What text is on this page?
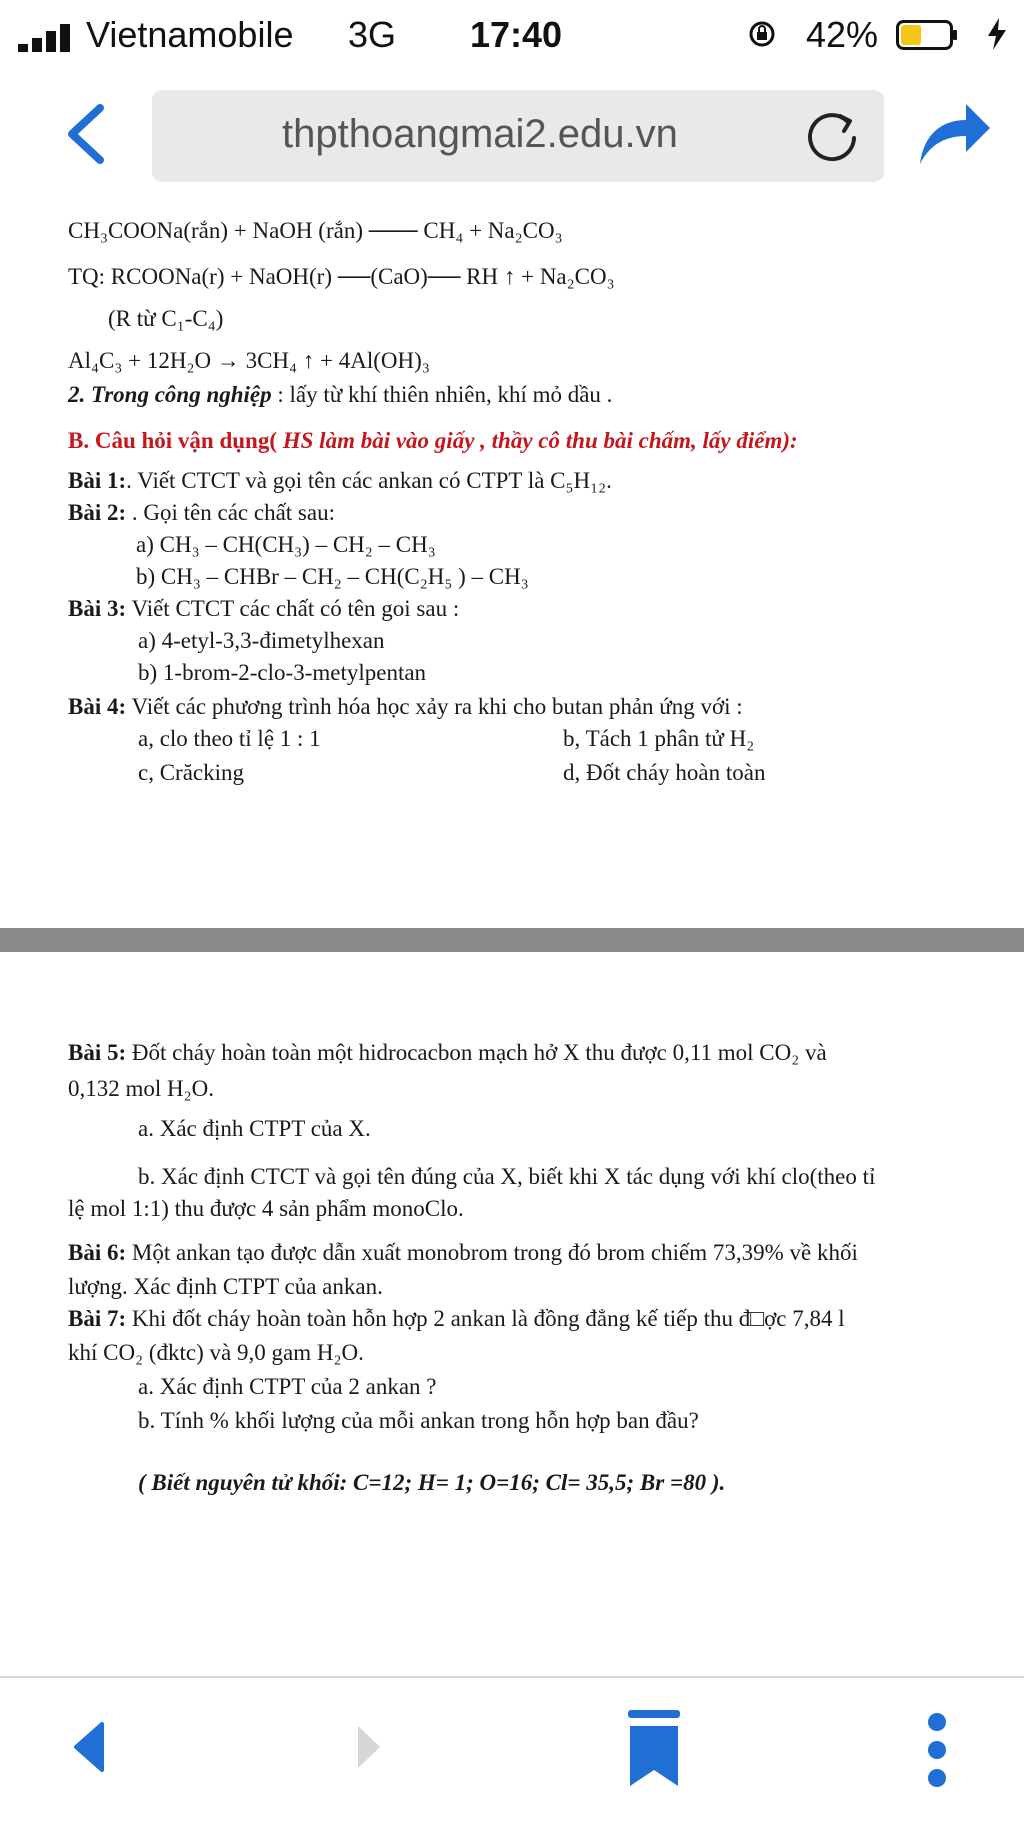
Vietnamobile 3G 17:40	42%
thpthoangmai2.edu.vn

CH₃COONa(rắn) + NaOH (rắn) ─── CH₄ + Na₂CO₃

TQ: RCOONa(r) + NaOH(r) ──(CaO)── RH ↑ + Na₂CO₃

(R từ C₁-C₄)

Al₄C₃ + 12H₂O → 3CH₄ ↑ + 4Al(OH)₃

2. Trong công nghiệp : lấy từ khí thiên nhiên, khí mỏ dầu .

B. Câu hỏi vận dụng( HS làm bài vào giấy , thầy cô thu bài chấm, lấy điểm):

Bài 1:. Viết CTCT và gọi tên các ankan có CTPT là C₅H₁₂.

Bài 2: . Gọi tên các chất sau:

a) CH₃ – CH(CH₃) – CH₂ – CH₃

b) CH₃ – CHBr – CH₂ – CH(C₂H₅ ) – CH₃

Bài 3: Viết CTCT các chất có tên goi sau :

a) 4-etyl-3,3-đimetylhexan

b) 1-brom-2-clo-3-metylpentan

Bài 4: Viết các phương trình hóa học xảy ra khi cho butan phản ứng với :

a, clo theo tỉ lệ 1 : 1	b, Tách 1 phân tử H₂

c, Crăcking	d, Đốt cháy hoàn toàn

Bài 5: Đốt cháy hoàn toàn một hidrocacbon mạch hở X thu được 0,11 mol CO₂ và

0,132 mol H₂O.

a. Xác định CTPT của X.

b. Xác định CTCT và gọi tên đúng của X, biết khi X tác dụng với khí clo(theo tỉ

lệ mol 1:1) thu được 4 sản phẩm monoClo.

Bài 6: Một ankan tạo được dẫn xuất monobrom trong đó brom chiếm 73,39% về khối

lượng. Xác định CTPT của ankan.

Bài 7: Khi đốt cháy hoàn toàn hỗn hợp 2 ankan là đồng đẳng kế tiếp thu đ□ợc 7,84 l

khí CO₂ (đktc) và 9,0 gam H₂O.

a. Xác định CTPT của 2 ankan ?

b. Tính % khối lượng của mỗi ankan trong hỗn hợp ban đầu?

( Biết nguyên tử khối: C=12; H= 1; O=16; Cl= 35,5; Br =80 ).
